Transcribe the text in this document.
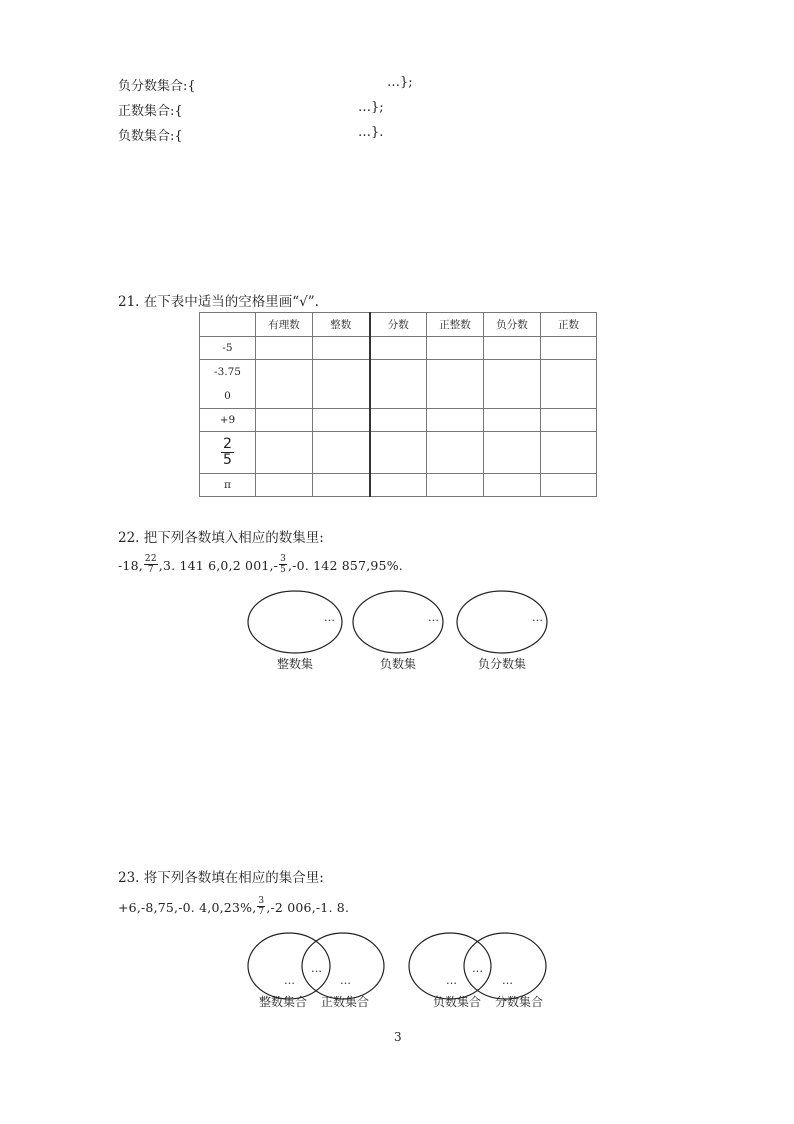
负分数集合:{	…};
正数集合:{	…};
负数集合:{	…}.
21. 在下表中适当的空格里画“√”.
	有理数	整数	分数	正整数	负分数	正数
-5						

-3.75
0						

+9						

$\frac{2}{5}$

π						
22. 把下列各数填入相应的数集里:
-18, $\frac{22}{7} ,3$. 141 6,0,2 $001,- \frac{3}{5} ,-0$. 142 857,95%.
…	…	…
整数集	负数集	负分数集
23. 将下列各数填在相应的集合里:
+6,-8,75,-0. 4,0,23%, $\frac{3}{7} ,-2$ 006,-1. 8.
…
…
…	…
…
…
整数集合	正数集合	负数集合	分数集合
3
